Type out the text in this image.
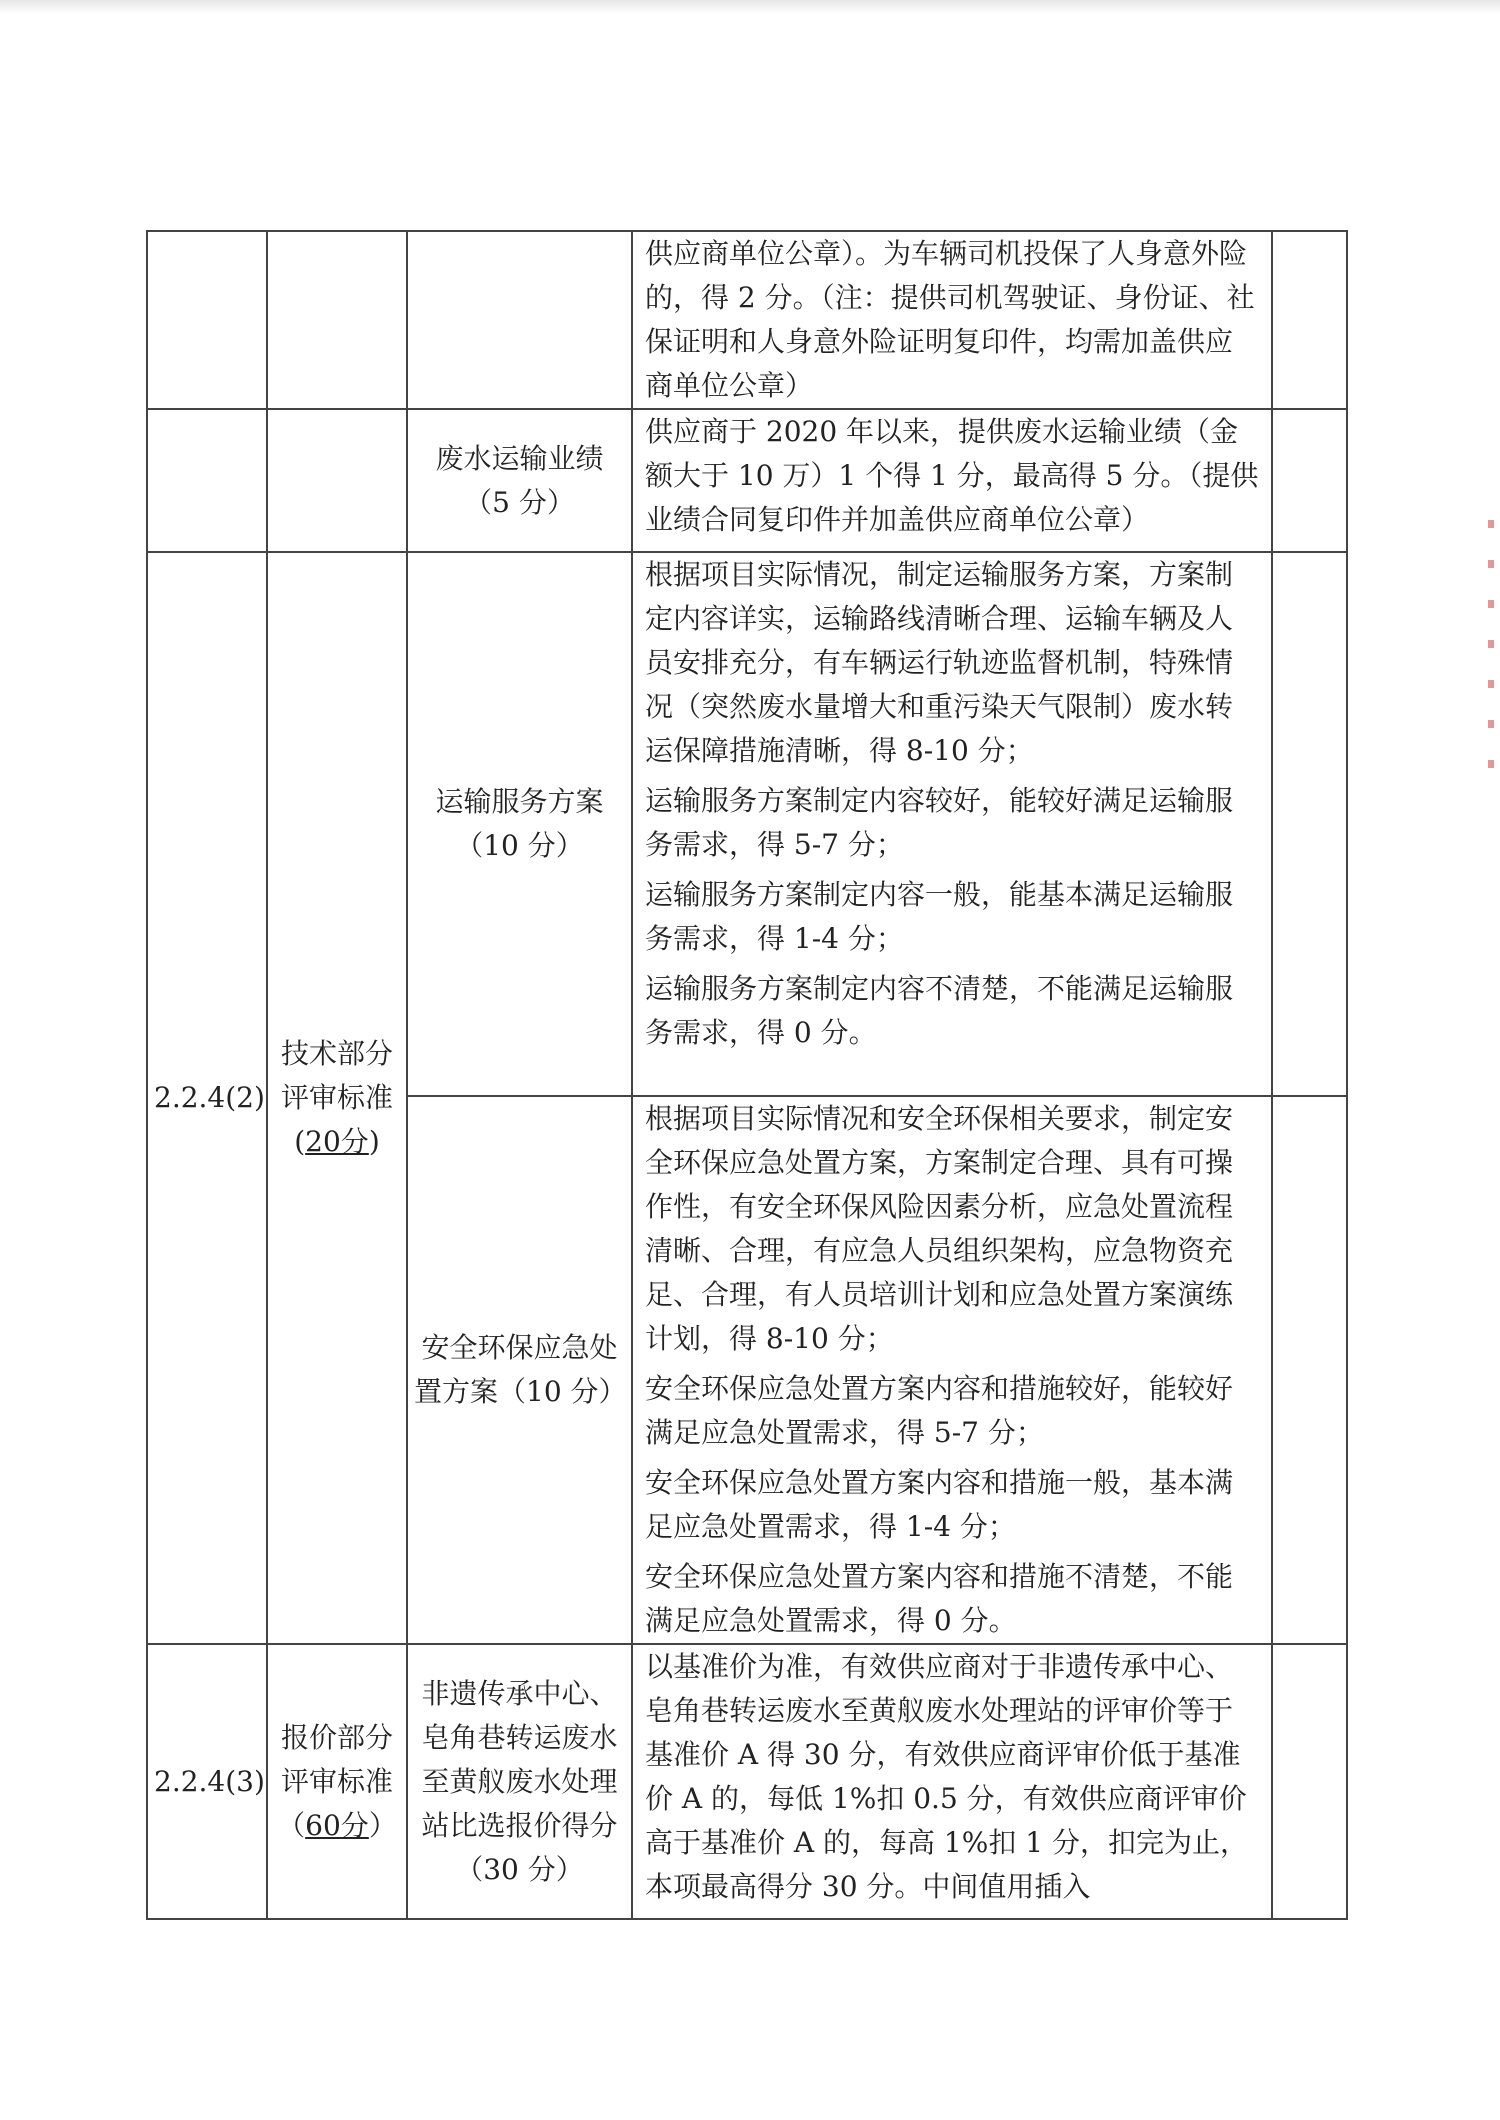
			供应商单位公章）。为车辆司机投保了人身意外险的，得 2 分。（注：提供司机驾驶证、身份证、社保证明和人身意外险证明复印件，均需加盖供应商单位公章）	

		废水运输业绩（5 分）	供应商于 2020 年以来，提供废水运输业绩（金额大于 10 万）1 个得 1 分，最高得 5 分。（提供业绩合同复印件并加盖供应商单位公章）	

2.2.4(2)	技术部分评审标准(20分)	运输服务方案（10 分）	根据项目实际情况，制定运输服务方案，方案制定内容详实，运输路线清晰合理、运输车辆及人员安排充分，有车辆运行轨迹监督机制，特殊情况（突然废水量增大和重污染天气限制）废水转运保障措施清晰，得 8-10 分；

运输服务方案制定内容较好，能较好满足运输服务需求，得 5-7 分；

运输服务方案制定内容一般，能基本满足运输服务需求，得 1-4 分；

运输服务方案制定内容不清楚，不能满足运输服务需求，得 0 分。	

		安全环保应急处置方案（10 分）	根据项目实际情况和安全环保相关要求，制定安全环保应急处置方案，方案制定合理、具有可操作性，有安全环保风险因素分析，应急处置流程清晰、合理，有应急人员组织架构，应急物资充足、合理，有人员培训计划和应急处置方案演练计划，得 8-10 分；

安全环保应急处置方案内容和措施较好，能较好满足应急处置需求，得 5-7 分；

安全环保应急处置方案内容和措施一般，基本满足应急处置需求，得 1-4 分；

安全环保应急处置方案内容和措施不清楚，不能满足应急处置需求，得 0 分。	

2.2.4(3)	报价部分评审标准（60分）	非遗传承中心、皂角巷转运废水至黄舣废水处理站比选报价得分（30 分）	以基准价为准，有效供应商对于非遗传承中心、皂角巷转运废水至黄舣废水处理站的评审价等于基准价 A 得 30 分，有效供应商评审价低于基准价 A 的，每低 1%扣 0.5 分，有效供应商评审价高于基准价 A 的，每高 1%扣 1 分，扣完为止，本项最高得分 30 分。中间值用插入	
